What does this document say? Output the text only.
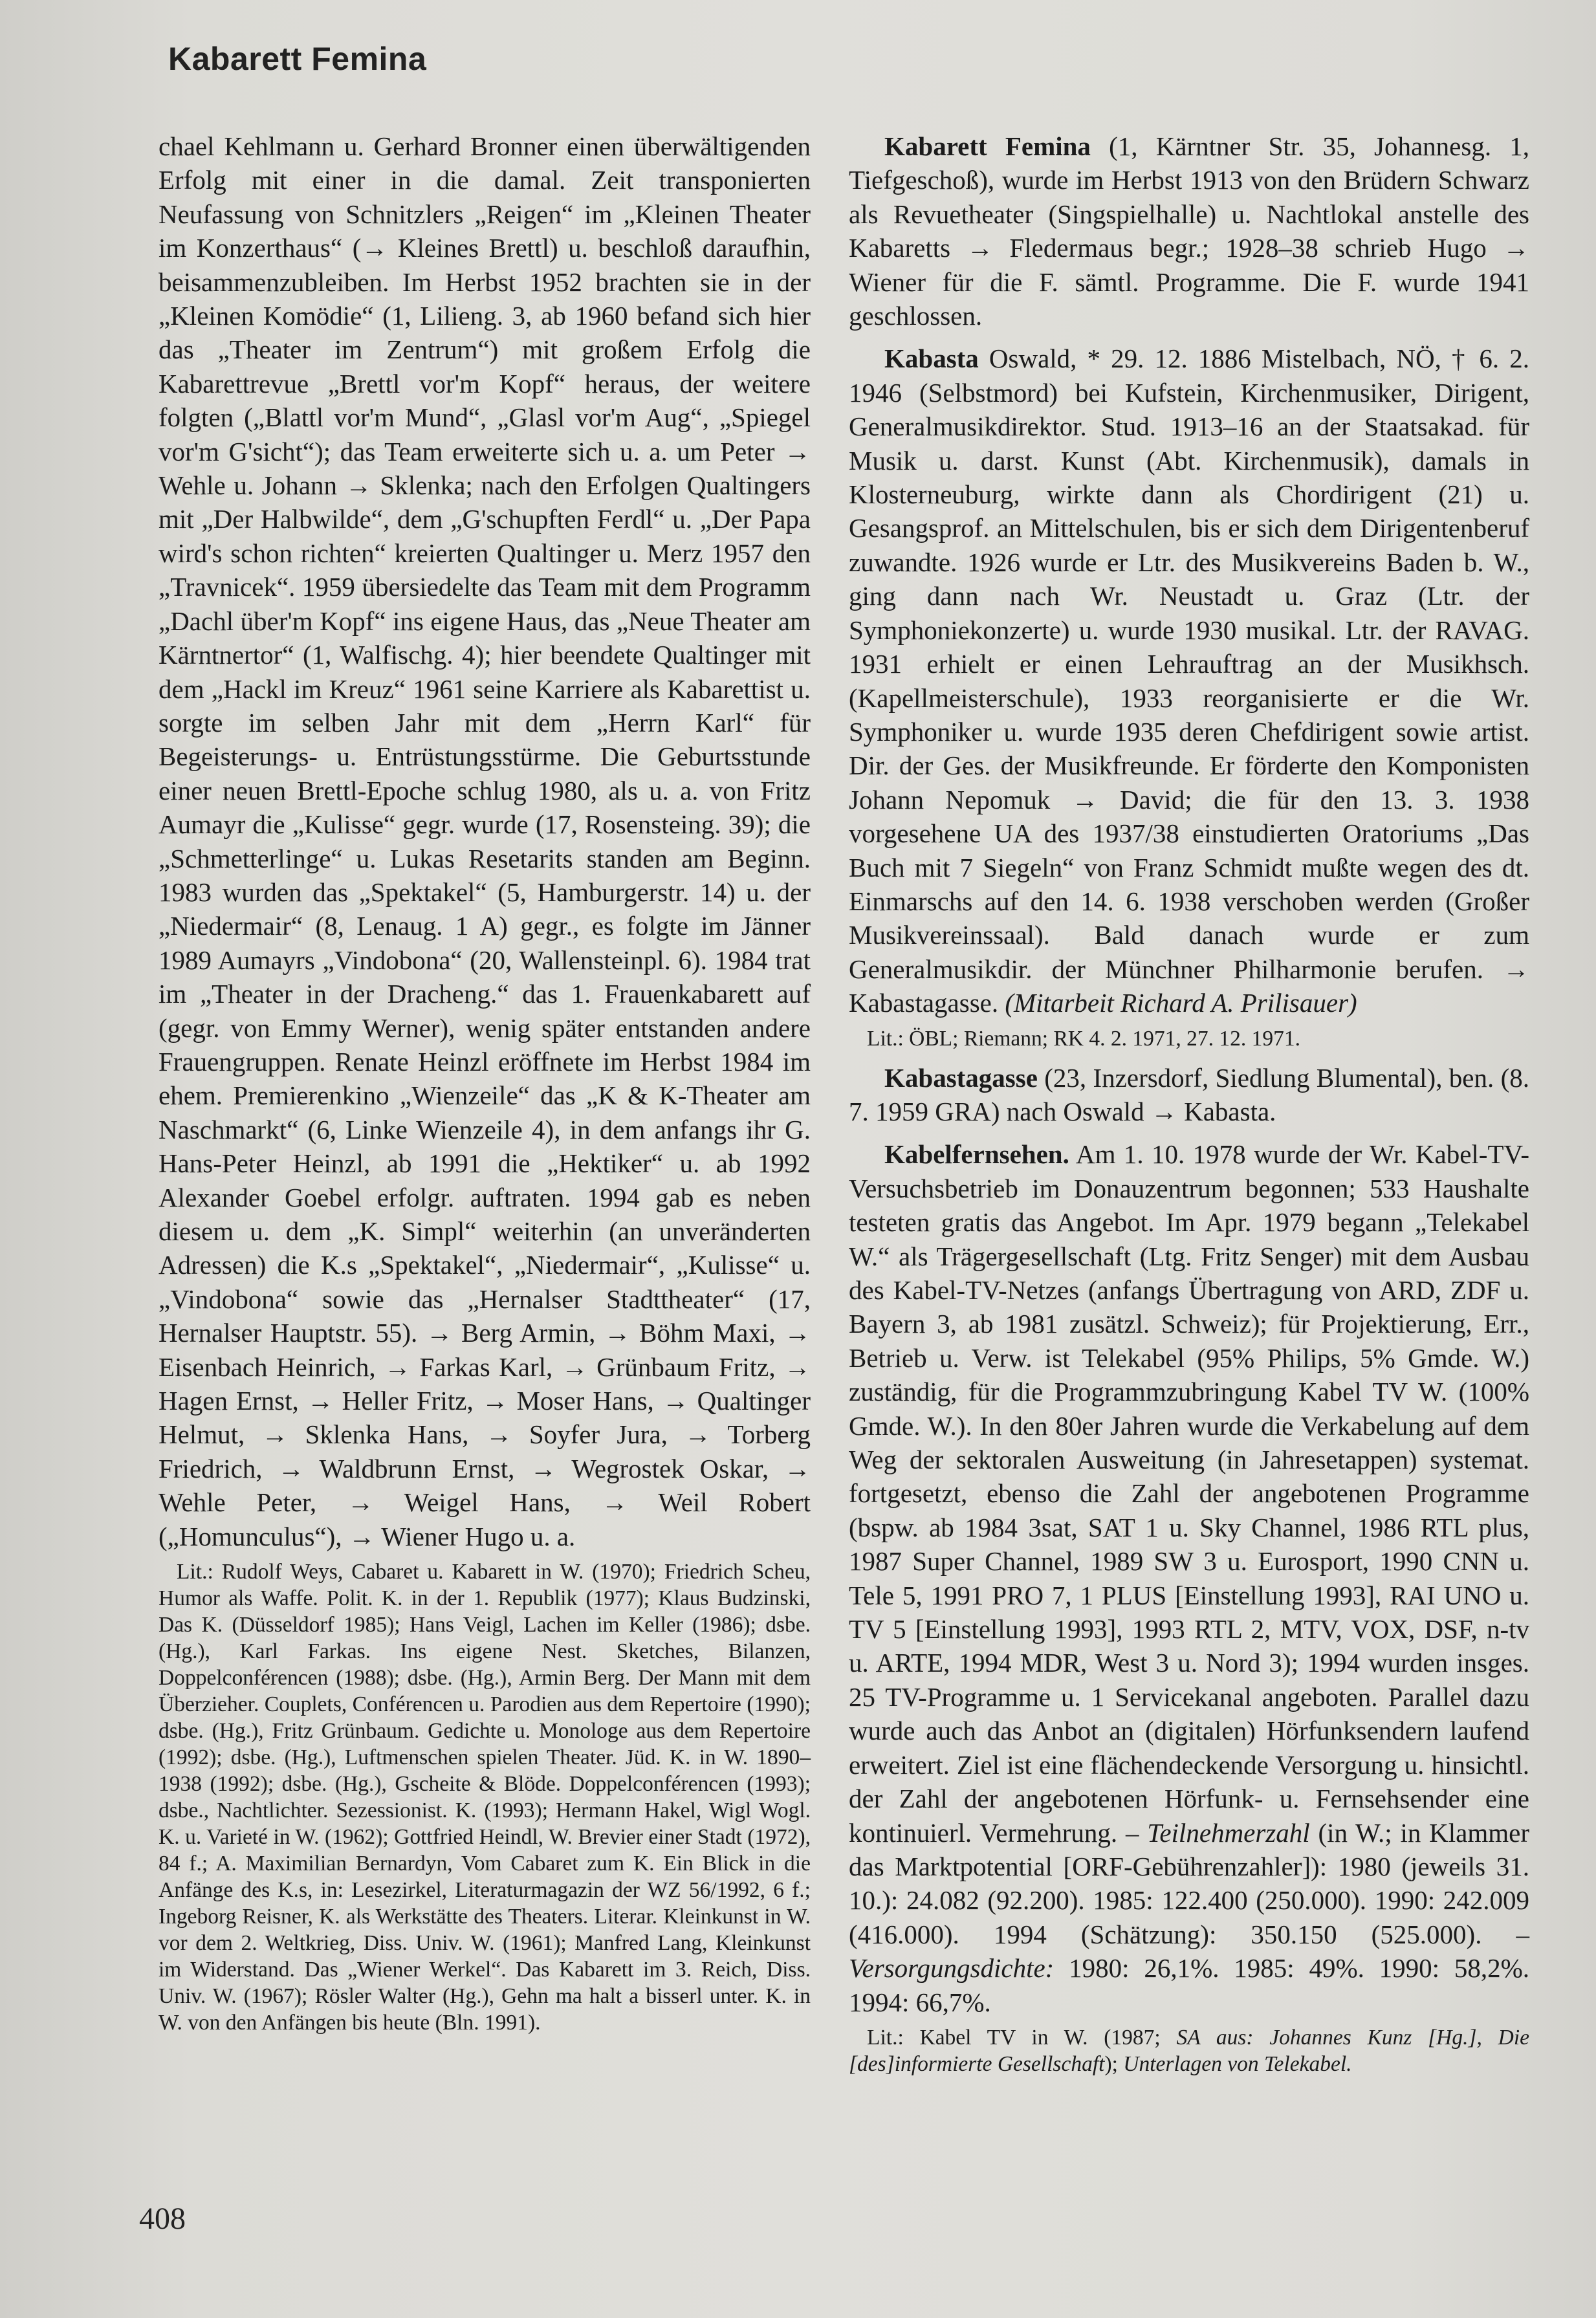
Kabarett Femina

chael Kehlmann u. Gerhard Bronner einen überwältigenden Erfolg mit einer in die damal. Zeit transponierten Neufassung von Schnitzlers „Reigen“ im „Kleinen Theater im Konzerthaus“ (→ Kleines Brettl) u. beschloß daraufhin, beisammenzubleiben. Im Herbst 1952 brachten sie in der „Kleinen Komödie“ (1, Lilieng. 3, ab 1960 befand sich hier das „Theater im Zentrum“) mit großem Erfolg die Kabarettrevue „Brettl vor'm Kopf“ heraus, der weitere folgten („Blattl vor'm Mund“, „Glasl vor'm Aug“, „Spiegel vor'm G'sicht“); das Team erweiterte sich u. a. um Peter → Wehle u. Johann → Sklenka; nach den Erfolgen Qualtingers mit „Der Halbwilde“, dem „G'schupften Ferdl“ u. „Der Papa wird's schon richten“ kreierten Qualtinger u. Merz 1957 den „Travnicek“. 1959 übersiedelte das Team mit dem Programm „Dachl über'm Kopf“ ins eigene Haus, das „Neue Theater am Kärntnertor“ (1, Walfischg. 4); hier beendete Qualtinger mit dem „Hackl im Kreuz“ 1961 seine Karriere als Kabarettist u. sorgte im selben Jahr mit dem „Herrn Karl“ für Begeisterungs- u. Entrüstungsstürme. Die Geburtsstunde einer neuen Brettl-Epoche schlug 1980, als u. a. von Fritz Aumayr die „Kulisse“ gegr. wurde (17, Rosensteing. 39); die „Schmetterlinge“ u. Lukas Resetarits standen am Beginn. 1983 wurden das „Spektakel“ (5, Hamburgerstr. 14) u. der „Niedermair“ (8, Lenaug. 1 A) gegr., es folgte im Jänner 1989 Aumayrs „Vindobona“ (20, Wallensteinpl. 6). 1984 trat im „Theater in der Dracheng.“ das 1. Frauenkabarett auf (gegr. von Emmy Werner), wenig später entstanden andere Frauengruppen. Renate Heinzl eröffnete im Herbst 1984 im ehem. Premierenkino „Wienzeile“ das „K & K-Theater am Naschmarkt“ (6, Linke Wienzeile 4), in dem anfangs ihr G. Hans-Peter Heinzl, ab 1991 die „Hektiker“ u. ab 1992 Alexander Goebel erfolgr. auftraten. 1994 gab es neben diesem u. dem „K. Simpl“ weiterhin (an unveränderten Adressen) die K.s „Spektakel“, „Niedermair“, „Kulisse“ u. „Vindobona“ sowie das „Hernalser Stadttheater“ (17, Hernalser Hauptstr. 55). → Berg Armin, → Böhm Maxi, → Eisenbach Heinrich, → Farkas Karl, → Grünbaum Fritz, → Hagen Ernst, → Heller Fritz, → Moser Hans, → Qualtinger Helmut, → Sklenka Hans, → Soyfer Jura, → Torberg Friedrich, → Waldbrunn Ernst, → Wegrostek Oskar, → Wehle Peter, → Weigel Hans, → Weil Robert („Homunculus“), → Wiener Hugo u. a.

Lit.: Rudolf Weys, Cabaret u. Kabarett in W. (1970); Friedrich Scheu, Humor als Waffe. Polit. K. in der 1. Republik (1977); Klaus Budzinski, Das K. (Düsseldorf 1985); Hans Veigl, Lachen im Keller (1986); dsbe. (Hg.), Karl Farkas. Ins eigene Nest. Sketches, Bilanzen, Doppelconférencen (1988); dsbe. (Hg.), Armin Berg. Der Mann mit dem Überzieher. Couplets, Conférencen u. Parodien aus dem Repertoire (1990); dsbe. (Hg.), Fritz Grünbaum. Gedichte u. Monologe aus dem Repertoire (1992); dsbe. (Hg.), Luftmenschen spielen Theater. Jüd. K. in W. 1890–1938 (1992); dsbe. (Hg.), Gscheite & Blöde. Doppelconférencen (1993); dsbe., Nachtlichter. Sezessionist. K. (1993); Hermann Hakel, Wigl Wogl. K. u. Varieté in W. (1962); Gottfried Heindl, W. Brevier einer Stadt (1972), 84 f.; A. Maximilian Bernardyn, Vom Cabaret zum K. Ein Blick in die Anfänge des K.s, in: Lesezirkel, Literaturmagazin der WZ 56/1992, 6 f.; Ingeborg Reisner, K. als Werkstätte des Theaters. Literar. Kleinkunst in W. vor dem 2. Weltkrieg, Diss. Univ. W. (1961); Manfred Lang, Kleinkunst im Widerstand. Das „Wiener Werkel“. Das Kabarett im 3. Reich, Diss. Univ. W. (1967); Rösler Walter (Hg.), Gehn ma halt a bisserl unter. K. in W. von den Anfängen bis heute (Bln. 1991).

Kabarett Femina (1, Kärntner Str. 35, Johannesg. 1, Tiefgeschoß), wurde im Herbst 1913 von den Brüdern Schwarz als Revuetheater (Singspielhalle) u. Nachtlokal anstelle des Kabaretts → Fledermaus begr.; 1928–38 schrieb Hugo → Wiener für die F. sämtl. Programme. Die F. wurde 1941 geschlossen.

Kabasta Oswald, * 29. 12. 1886 Mistelbach, NÖ, † 6. 2. 1946 (Selbstmord) bei Kufstein, Kirchenmusiker, Dirigent, Generalmusikdirektor. Stud. 1913–16 an der Staatsakad. für Musik u. darst. Kunst (Abt. Kirchenmusik), damals in Klosterneuburg, wirkte dann als Chordirigent (21) u. Gesangsprof. an Mittelschulen, bis er sich dem Dirigentenberuf zuwandte. 1926 wurde er Ltr. des Musikvereins Baden b. W., ging dann nach Wr. Neustadt u. Graz (Ltr. der Symphoniekonzerte) u. wurde 1930 musikal. Ltr. der RAVAG. 1931 erhielt er einen Lehrauftrag an der Musikhsch. (Kapellmeisterschule), 1933 reorganisierte er die Wr. Symphoniker u. wurde 1935 deren Chefdirigent sowie artist. Dir. der Ges. der Musikfreunde. Er förderte den Komponisten Johann Nepomuk → David; die für den 13. 3. 1938 vorgesehene UA des 1937/38 einstudierten Oratoriums „Das Buch mit 7 Siegeln“ von Franz Schmidt mußte wegen des dt. Einmarschs auf den 14. 6. 1938 verschoben werden (Großer Musikvereinssaal). Bald danach wurde er zum Generalmusikdir. der Münchner Philharmonie berufen. → Kabastagasse. (Mitarbeit Richard A. Prilisauer)

Lit.: ÖBL; Riemann; RK 4. 2. 1971, 27. 12. 1971.

Kabastagasse (23, Inzersdorf, Siedlung Blumental), ben. (8. 7. 1959 GRA) nach Oswald → Kabasta.

Kabelfernsehen. Am 1. 10. 1978 wurde der Wr. Kabel-TV-Versuchsbetrieb im Donauzentrum begonnen; 533 Haushalte testeten gratis das Angebot. Im Apr. 1979 begann „Telekabel W.“ als Trägergesellschaft (Ltg. Fritz Senger) mit dem Ausbau des Kabel-TV-Netzes (anfangs Übertragung von ARD, ZDF u. Bayern 3, ab 1981 zusätzl. Schweiz); für Projektierung, Err., Betrieb u. Verw. ist Telekabel (95% Philips, 5% Gmde. W.) zuständig, für die Programmzubringung Kabel TV W. (100% Gmde. W.). In den 80er Jahren wurde die Verkabelung auf dem Weg der sektoralen Ausweitung (in Jahresetappen) systemat. fortgesetzt, ebenso die Zahl der angebotenen Programme (bspw. ab 1984 3sat, SAT 1 u. Sky Channel, 1986 RTL plus, 1987 Super Channel, 1989 SW 3 u. Eurosport, 1990 CNN u. Tele 5, 1991 PRO 7, 1 PLUS [Einstellung 1993], RAI UNO u. TV 5 [Einstellung 1993], 1993 RTL 2, MTV, VOX, DSF, n-tv u. ARTE, 1994 MDR, West 3 u. Nord 3); 1994 wurden insges. 25 TV-Programme u. 1 Servicekanal angeboten. Parallel dazu wurde auch das Anbot an (digitalen) Hörfunksendern laufend erweitert. Ziel ist eine flächendeckende Versorgung u. hinsichtl. der Zahl der angebotenen Hörfunk- u. Fernsehsender eine kontinuierl. Vermehrung. – Teilnehmerzahl (in W.; in Klammer das Marktpotential [ORF-Gebührenzahler]): 1980 (jeweils 31. 10.): 24.082 (92.200). 1985: 122.400 (250.000). 1990: 242.009 (416.000). 1994 (Schätzung): 350.150 (525.000). – Versorgungsdichte: 1980: 26,1%. 1985: 49%. 1990: 58,2%. 1994: 66,7%.

Lit.: Kabel TV in W. (1987; SA aus: Johannes Kunz [Hg.], Die [des]informierte Gesellschaft); Unterlagen von Telekabel.

408
